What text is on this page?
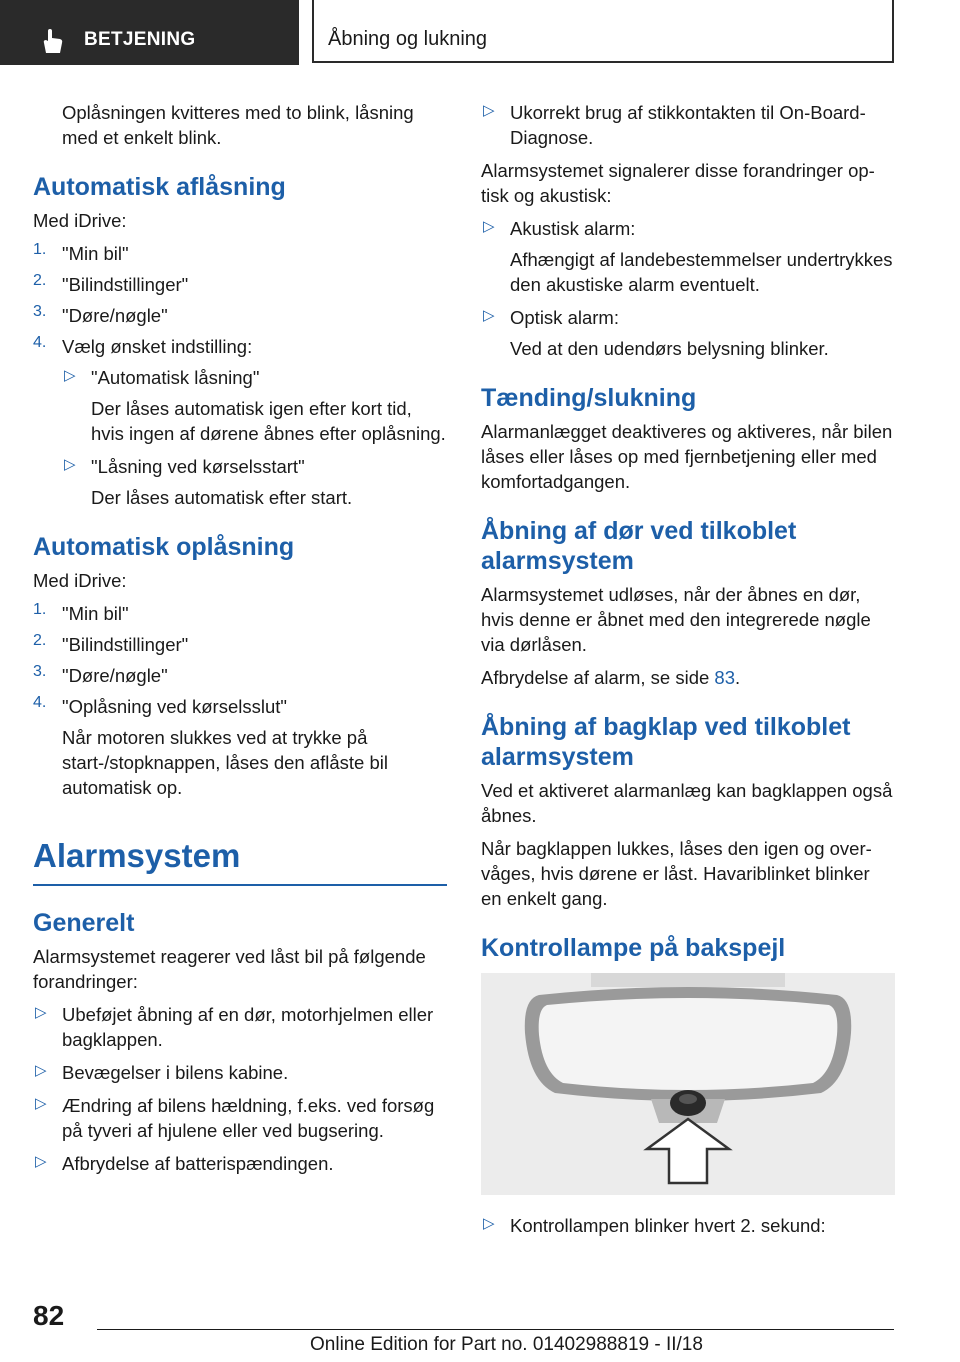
BETJENING	Åbning og lukning

Oplåsningen kvitteres med to blink, låsning med et enkelt blink.

Automatisk aflåsning

Med iDrive:

1. "Min bil"

2. "Bilindstillinger"

3. "Døre/nøgle"

4. Vælg ønsket indstilling:

▷ "Automatisk låsning"

Der låses automatisk igen efter kort tid, hvis ingen af dørene åbnes efter oplåsning.

▷ "Låsning ved kørselsstart"

Der låses automatisk efter start.

Automatisk oplåsning

Med iDrive:

1. "Min bil"

2. "Bilindstillinger"

3. "Døre/nøgle"

4. "Oplåsning ved kørselsslut"

Når motoren slukkes ved at trykke på start-/stopknappen, låses den aflåste bil automatisk op.

Alarmsystem
Generelt

Alarmsystemet reagerer ved låst bil på følgende forandringer:

▷ Ubeføjet åbning af en dør, motorhjelmen eller bagklappen.

▷ Bevægelser i bilens kabine.

▷ Ændring af bilens hældning, f.eks. ved forsøg på tyveri af hjulene eller ved bugsering.

▷ Afbrydelse af batterispændingen.

▷ Ukorrekt brug af stikkontakten til On-Board-Diagnose.

Alarmsystemet signalerer disse forandringer optisk og akustisk:

▷ Akustisk alarm:

Afhængigt af landebestemmelser undertrykkes den akustiske alarm eventuelt.

▷ Optisk alarm:

Ved at den udendørs belysning blinker.

Tænding/slukning

Alarmanlægget deaktiveres og aktiveres, når bilen låses eller låses op med fjernbetjening eller med komfortadgangen.

Åbning af dør ved tilkoblet alarmsystem

Alarmsystemet udløses, når der åbnes en dør, hvis denne er åbnet med den integrerede nøgle via dørlåsen.

Afbrydelse af alarm, se side 83.

Åbning af bagklap ved tilkoblet alarmsystem

Ved et aktiveret alarmanlæg kan bagklappen også åbnes.

Når bagklappen lukkes, låses den igen og overvåges, hvis dørene er låst. Havariblinket blinker en enkelt gang.

Kontrollampe på bakspejl
▷ Kontrollampen blinker hvert 2. sekund:

82
Online Edition for Part no. 01402988819 - II/18
